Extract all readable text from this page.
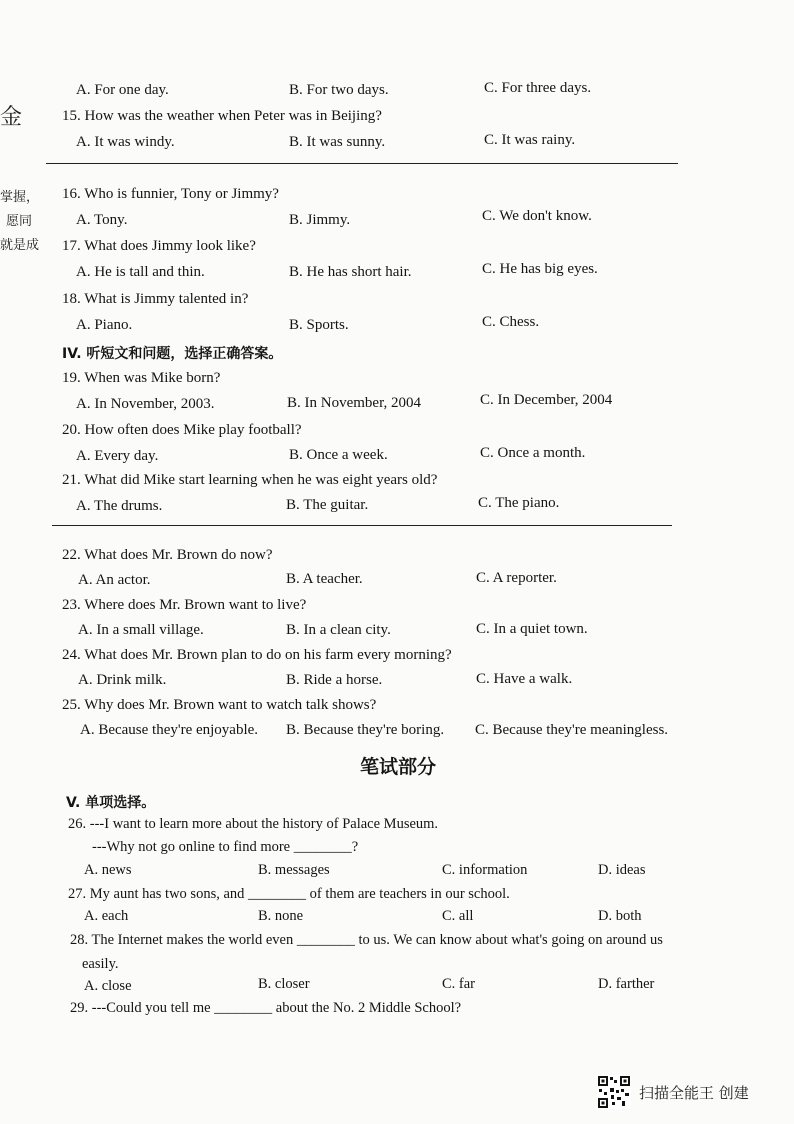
金
掌握，
愿同
就是成
A. For one day.	B. For two days.	C. For three days.
15. How was the weather when Peter was in Beijing?
A. It was windy.	B. It was sunny.	C. It was rainy.
16. Who is funnier, Tony or Jimmy?
A. Tony.	B. Jimmy.	C. We don't know.
17. What does Jimmy look like?
A. He is tall and thin.	B. He has short hair.	C. He has big eyes.
18. What is Jimmy talented in?
A. Piano.	B. Sports.	C. Chess.
IV. 听短文和问题，选择正确答案。
19. When was Mike born?
A. In November, 2003.	B. In November, 2004	C. In December, 2004
20. How often does Mike play football?
A. Every day.	B. Once a week.	C. Once a month.
21. What did Mike start learning when he was eight years old?
A. The drums.	B. The guitar.	C. The piano.
22. What does Mr. Brown do now?
A. An actor.	B. A teacher.	C. A reporter.
23. Where does Mr. Brown want to live?
A. In a small village.	B. In a clean city.	C. In a quiet town.
24. What does Mr. Brown plan to do on his farm every morning?
A. Drink milk.	B. Ride a horse.	C. Have a walk.
25. Why does Mr. Brown want to watch talk shows?
A. Because they're enjoyable. B. Because they're boring. C. Because they're meaningless.
笔试部分
V. 单项选择。
26. ---I want to learn more about the history of Palace Museum.
---Why not go online to find more ________?
A. news	B. messages	C. information	D. ideas
27. My aunt has two sons, and ________ of them are teachers in our school.
A. each	B. none	C. all	D. both
28. The Internet makes the world even ________ to us. We can know about what's going on around us
easily.
A. close	B. closer	C. far	D. farther
29. ---Could you tell me ________ about the No. 2 Middle School?
扫描全能王 创建
